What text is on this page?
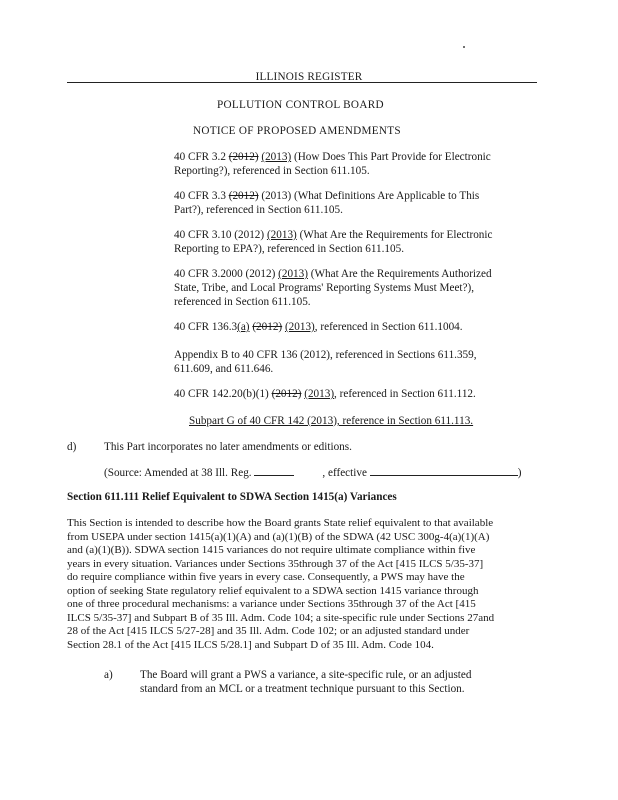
ILLINOIS REGISTER
POLLUTION CONTROL BOARD
NOTICE OF PROPOSED AMENDMENTS
40 CFR 3.2 (2012) (2013) (How Does This Part Provide for Electronic
Reporting?), referenced in Section 611.105.
40 CFR 3.3 (2012) (2013) (What Definitions Are Applicable to This
Part?), referenced in Section 611.105.
40 CFR 3.10 (2012) (2013) (What Are the Requirements for Electronic
Reporting to EPA?), referenced in Section 611.105.
40 CFR 3.2000 (2012) (2013) (What Are the Requirements Authorized
State, Tribe, and Local Programs' Reporting Systems Must Meet?),
referenced in Section 611.105.
40 CFR 136.3(a) (2012) (2013), referenced in Section 611.1004.
Appendix B to 40 CFR 136 (2012), referenced in Sections 611.359,
611.609, and 611.646.
40 CFR 142.20(b)(1) (2012) (2013), referenced in Section 611.112.
Subpart G of 40 CFR 142 (2013), reference in Section 611.113.
d) This Part incorporates no later amendments or editions.
(Source: Amended at 38 Ill. Reg.	, effective	)
Section 611.111 Relief Equivalent to SDWA Section 1415(a) Variances
This Section is intended to describe how the Board grants State relief equivalent to that available
from USEPA under section 1415(a)(1)(A) and (a)(1)(B) of the SDWA (42 USC 300g-4(a)(1)(A)
and (a)(1)(B)). SDWA section 1415 variances do not require ultimate compliance within five
years in every situation. Variances under Sections 35through 37 of the Act [415 ILCS 5/35-37]
do require compliance within five years in every case. Consequently, a PWS may have the
option of seeking State regulatory relief equivalent to a SDWA section 1415 variance through
one of three procedural mechanisms: a variance under Sections 35through 37 of the Act [415
ILCS 5/35-37] and Subpart B of 35 Ill. Adm. Code 104; a site-specific rule under Sections 27and
28 of the Act [415 ILCS 5/27-28] and 35 Ill. Adm. Code 102; or an adjusted standard under
Section 28.1 of the Act [415 ILCS 5/28.1] and Subpart D of 35 Ill. Adm. Code 104.
a) The Board will grant a PWS a variance, a site-specific rule, or an adjusted
standard from an MCL or a treatment technique pursuant to this Section.
